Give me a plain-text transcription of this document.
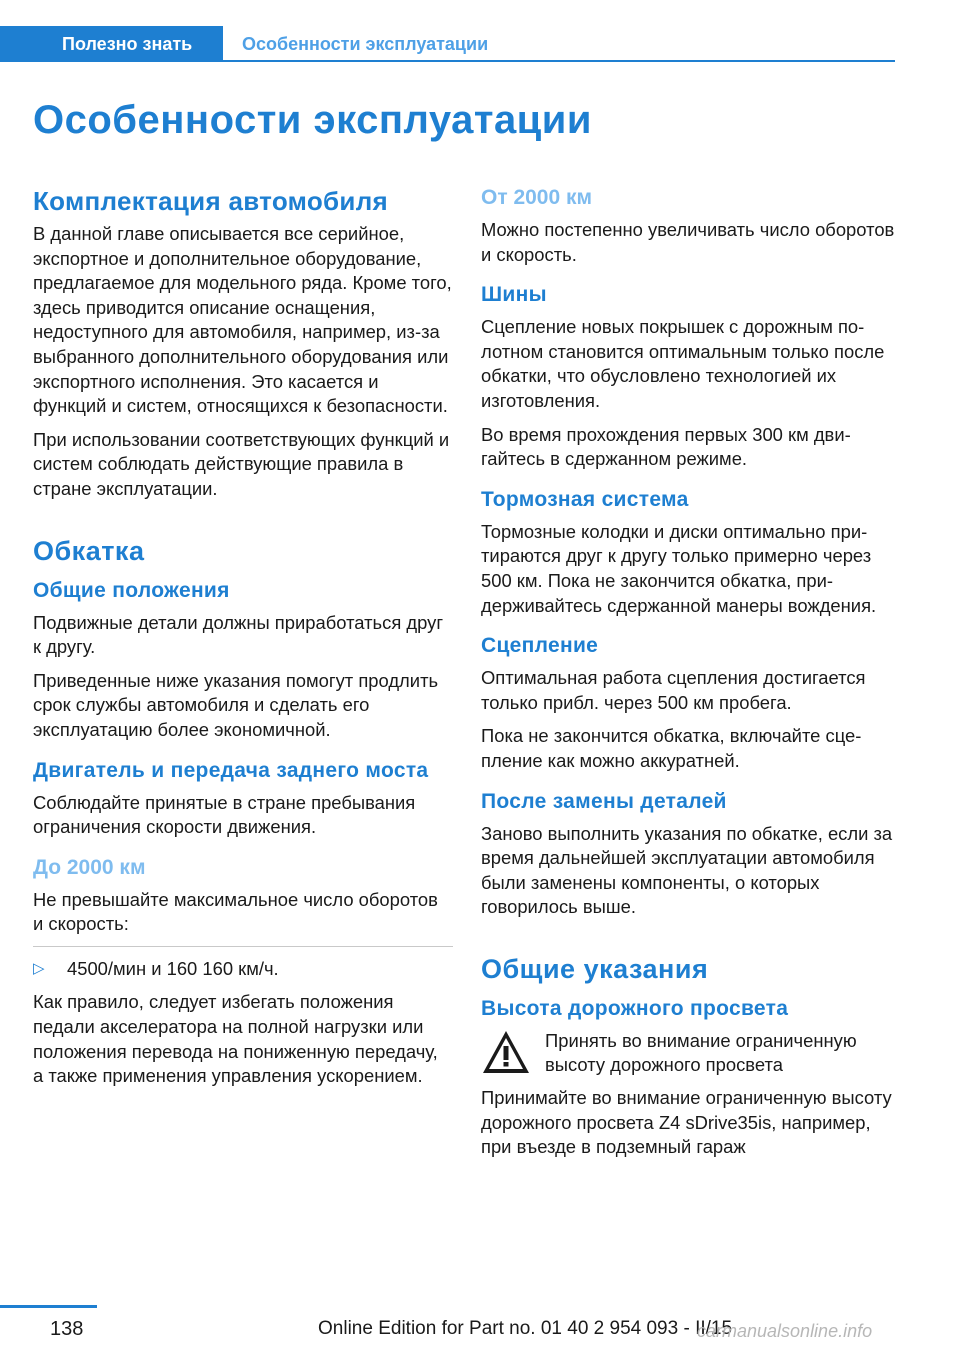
Полезно знать	Особенности эксплуатации
Особенности эксплуатации
Комплектация автомобиля

В данной главе описывается все серийное, экспортное и дополнительное оборудование, предлагаемое для модельного ряда. Кроме того, здесь приводится описание оснащения, недоступного для автомобиля, например, из-за выбранного дополнительного оборудования или экспортного исполнения. Это касается и функций и систем, относящихся к безопасности.

При использовании соответствующих функций и систем соблюдать действующие правила в стране эксплуатации.

Обкатка
Общие положения

Подвижные детали должны приработаться друг к другу.

Приведенные ниже указания помогут продлить срок службы автомобиля и сделать его эксплуатацию более экономичной.

Двигатель и передача заднего моста

Соблюдайте принятые в стране пребывания ограничения скорости движения.

До 2000 км

Не превышайте максимальное число оборотов и скорость:

▷	4500/мин и 160 160 км/ч.

Как правило, следует избегать положения педали акселератора на полной нагрузки или положения перевода на пониженную передачу, а также применения управления ускорением.

От 2000 км

Можно постепенно увеличивать число оборотов и скорость.

Шины

Сцепление новых покрышек с дорожным полотном становится оптимальным только после обкатки, что обусловлено технологией их изготовления.

Во время прохождения первых 300 км двигайтесь в сдержанном режиме.

Тормозная система

Тормозные колодки и диски оптимально притираются друг к другу только примерно через 500 км. Пока не закончится обкатка, придерживайтесь сдержанной манеры вождения.

Сцепление

Оптимальная работа сцепления достигается только прибл. через 500 км пробега.

Пока не закончится обкатка, включайте сцепление как можно аккуратней.

После замены деталей

Заново выполнить указания по обкатке, если за время дальнейшей эксплуатации автомобиля были заменены компоненты, о которых говорилось выше.

Общие указания
Высота дорожного просвета

Принять во внимание ограниченную высоту дорожного просвета

Принимайте во внимание ограниченную высоту дорожного просвета Z4 sDrive35is, например, при въезде в подземный гараж

138	Online Edition for Part no. 01 40 2 954 093 - II/15
carmanualsonline.info
